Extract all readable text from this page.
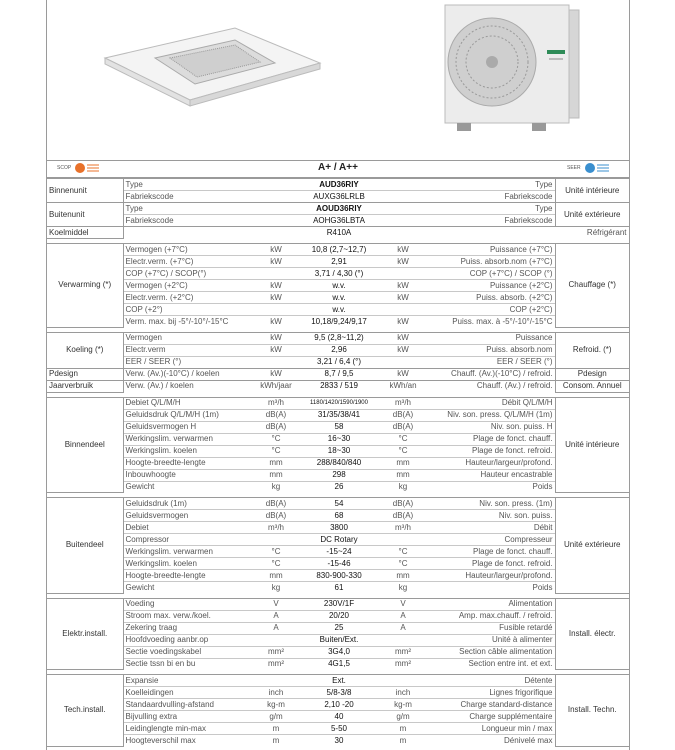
SCOP	A+ / A++	SEER
Binnenunit	Type		AUD36RIY	Type		Unité intérieure
	Fabriekscode		AUXG36LRLB	Fabriekscode		
Buitenunit	Type		AOUD36RIY	Type		Unité extérieure
	Fabriekscode		AOHG36LBTA	Fabriekscode		
Koelmiddel			R410A	Réfrigérant		

Verwarming (*)	Vermogen (+7°C)	kW	10,8 (2,7~12,7)	kW	Puissance (+7°C)	Chauffage (*)
	Electr.verm. (+7°C)	kW	2,91	kW	Puiss. absorb.nom (+7°C)	
	COP (+7°C) / SCOP(°)		3,71 / 4,30 (°)		COP (+7°C) / SCOP (°)	
	Vermogen (+2°C)	kW	w.v.	kW	Puissance (+2°C)	
	Electr.verm. (+2°C)	kW	w.v.	kW	Puiss. absorb. (+2°C)	
	COP (+2°)		w.v.		COP (+2°C)	
	Verm. max. bij -5°/-10°/-15°C	kW	10,18/9,24/9,17	kW	Puiss. max. à -5°/-10°/-15°C	

Koeling (*)	Vermogen	kW	9,5 (2,8~11,2)	kW	Puissance	Refroid. (*)
	Electr.verm	kW	2,96	kW	Puiss. absorb.nom	
	EER / SEER (°)		3,21 / 6,4 (°)		EER / SEER (°)	
Pdesign	Verw. (Av.)(-10°C) / koelen	kW	8,7 / 9,5	kW	Chauff. (Av.)(-10°C) / refroid.	Pdesign
Jaarverbruik	Verw. (Av.) / koelen	kWh/jaar	2833 / 519	kWh/an	Chauff. (Av.) / refroid.	Consom. Annuel

Binnendeel	Debiet Q/L/M/H	m³/h	1180/1420/1590/1900	m³/h	Débit Q/L/M/H	Unité intérieure
	Geluidsdruk Q/L/M/H (1m)	dB(A)	31/35/38/41	dB(A)	Niv. son. press. Q/L/M/H (1m)	
	Geluidsvermogen H	dB(A)	58	dB(A)	Niv. son. puiss. H	
	Werkingslim. verwarmen	°C	16~30	°C	Plage de fonct. chauff.	
	Werkingslim. koelen	°C	18~30	°C	Plage de fonct. refroid.	
	Hoogte-breedte-lengte	mm	288/840/840	mm	Hauteur/largeur/profond.	
	Inbouwhoogte	mm	298	mm	Hauteur encastrable	
	Gewicht	kg	26	kg	Poids	

Buitendeel	Geluidsdruk (1m)	dB(A)	54	dB(A)	Niv. son. press. (1m)	Unité extérieure
	Geluidsvermogen	dB(A)	68	dB(A)	Niv. son. puiss.	
	Debiet	m³/h	3800	m³/h	Débit	
	Compressor		DC Rotary		Compresseur	
	Werkingslim. verwarmen	°C	-15~24	°C	Plage de fonct. chauff.	
	Werkingslim. koelen	°C	-15-46	°C	Plage de fonct. refroid.	
	Hoogte-breedte-lengte	mm	830-900-330	mm	Hauteur/largeur/profond.	
	Gewicht	kg	61	kg	Poids	

Elektr.install.	Voeding	V	230V/1F	V	Alimentation	Install. électr.
	Stroom max. verw./koel.	A	20/20	A	Amp. max.chauff. / refroid.	
	Zekering traag	A	25	A	Fusible retardé	
	Hoofdvoeding aanbr.op		Buiten/Ext.		Unité à alimenter	
	Sectie voedingskabel	mm²	3G4,0	mm²	Section câble alimentation	
	Sectie tssn bi en bu	mm²	4G1,5	mm²	Section entre int. et ext.	

Tech.install.	Expansie		Ext.		Détente	Install. Techn.
	Koelleidingen	inch	5/8-3/8	inch	Lignes frigorifique	
	Standaardvulling-afstand	kg-m	2,10 -20	kg-m	Charge standard-distance	
	Bijvulling extra	g/m	40	g/m	Charge supplémentaire	
	Leidinglengte min-max	m	5-50	m	Longueur min / max	
	Hoogteverschil max	m	30	m	Dénivelé max	
